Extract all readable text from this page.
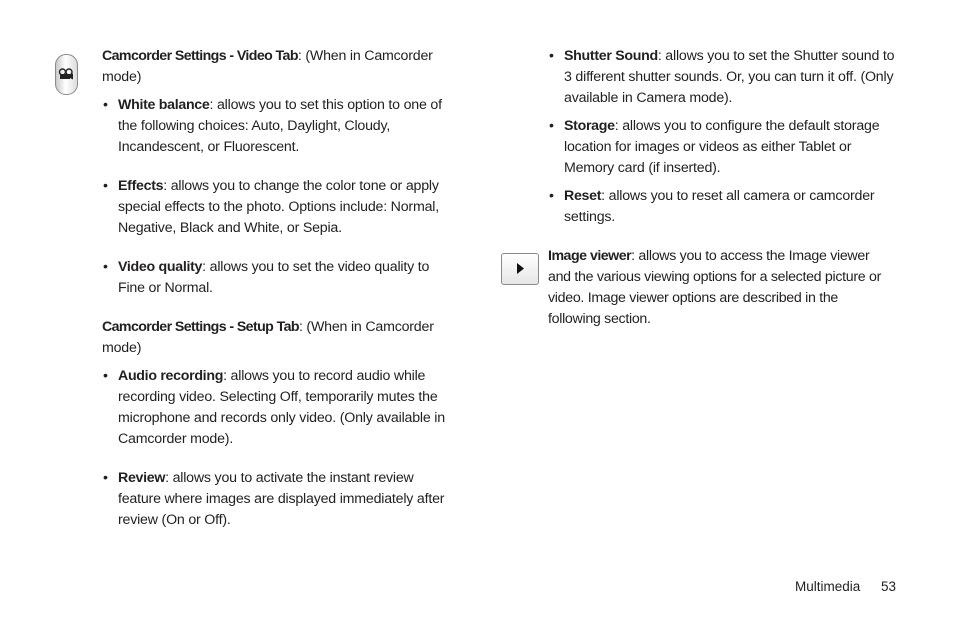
Camcorder Settings - Video Tab: (When in Camcorder mode)

• White balance: allows you to set this option to one of the following choices: Auto, Daylight, Cloudy, Incandescent, or Fluorescent.
• Effects: allows you to change the color tone or apply special effects to the photo. Options include: Normal, Negative, Black and White, or Sepia.
• Video quality: allows you to set the video quality to Fine or Normal.

Camcorder Settings - Setup Tab: (When in Camcorder mode)

• Audio recording: allows you to record audio while recording video. Selecting Off, temporarily mutes the microphone and records only video. (Only available in Camcorder mode).
• Review: allows you to activate the instant review feature where images are displayed immediately after review (On or Off).
• Shutter Sound: allows you to set the Shutter sound to 3 different shutter sounds. Or, you can turn it off. (Only available in Camera mode).
• Storage: allows you to configure the default storage location for images or videos as either Tablet or Memory card (if inserted).
• Reset: allows you to reset all camera or camcorder settings.

Image viewer: allows you to access the Image viewer and the various viewing options for a selected picture or video. Image viewer options are described in the following section.

Multimedia 53
